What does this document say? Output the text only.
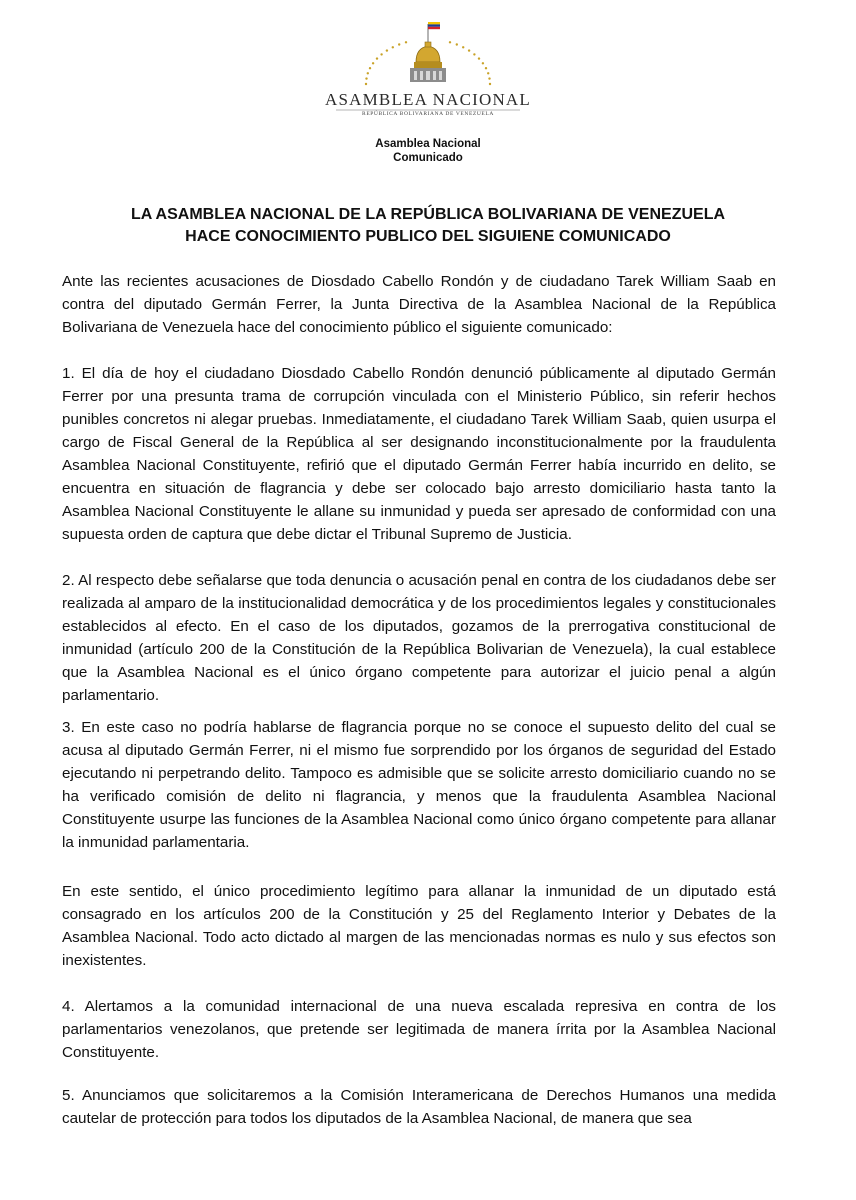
ASAMBLEA NACIONAL
REPÚBLICA BOLIVARIANA DE VENEZUELA
Asamblea Nacional
Comunicado
LA ASAMBLEA NACIONAL DE LA REPÚBLICA BOLIVARIANA DE VENEZUELA
HACE CONOCIMIENTO PUBLICO DEL SIGUIENE COMUNICADO

Ante las recientes acusaciones de Diosdado Cabello Rondón y de ciudadano Tarek William Saab en contra del diputado Germán Ferrer, la Junta Directiva de la Asamblea Nacional de la República Bolivariana de Venezuela hace del conocimiento público el siguiente comunicado:

1. El día de hoy el ciudadano Diosdado Cabello Rondón denunció públicamente al diputado Germán Ferrer por una presunta trama de corrupción vinculada con el Ministerio Público, sin referir hechos punibles concretos ni alegar pruebas. Inmediatamente, el ciudadano Tarek William Saab, quien usurpa el cargo de Fiscal General de la República al ser designando inconstitucionalmente por la fraudulenta Asamblea Nacional Constituyente, refirió que el diputado Germán Ferrer había incurrido en delito, se encuentra en situación de flagrancia y debe ser colocado bajo arresto domiciliario hasta tanto la Asamblea Nacional Constituyente le allane su inmunidad y pueda ser apresado de conformidad con una supuesta orden de captura que debe dictar el Tribunal Supremo de Justicia.

2. Al respecto debe señalarse que toda denuncia o acusación penal en contra de los ciudadanos debe ser realizada al amparo de la institucionalidad democrática y de los procedimientos legales y constitucionales establecidos al efecto. En el caso de los diputados, gozamos de la prerrogativa constitucional de inmunidad (artículo 200 de la Constitución de la República Bolivarian de Venezuela), la cual establece que la Asamblea Nacional es el único órgano competente para autorizar el juicio penal a algún parlamentario.

3. En este caso no podría hablarse de flagrancia porque no se conoce el supuesto delito del cual se acusa al diputado Germán Ferrer, ni el mismo fue sorprendido por los órganos de seguridad del Estado ejecutando ni perpetrando delito. Tampoco es admisible que se solicite arresto domiciliario cuando no se ha verificado comisión de delito ni flagrancia, y menos que la fraudulenta Asamblea Nacional Constituyente usurpe las funciones de la Asamblea Nacional como único órgano competente para allanar la inmunidad parlamentaria.

En este sentido, el único procedimiento legítimo para allanar la inmunidad de un diputado está consagrado en los artículos 200 de la Constitución y 25 del Reglamento Interior y Debates de la Asamblea Nacional. Todo acto dictado al margen de las mencionadas normas es nulo y sus efectos son inexistentes.

4. Alertamos a la comunidad internacional de una nueva escalada represiva en contra de los parlamentarios venezolanos, que pretende ser legitimada de manera írrita por la Asamblea Nacional Constituyente.

5. Anunciamos que solicitaremos a la Comisión Interamericana de Derechos Humanos una medida cautelar de protección para todos los diputados de la Asamblea Nacional, de manera que sea
